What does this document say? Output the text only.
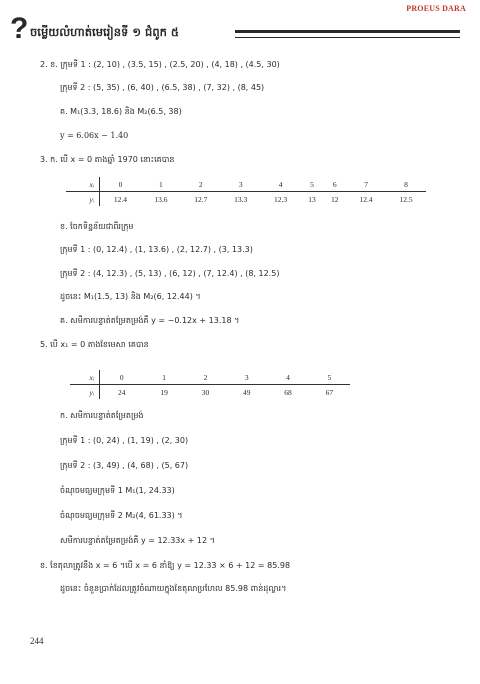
PROEUS DARA
? ចម្លើយលំហាត់មេរៀនទី ១ ជំពូក ៥
2. ខ. ក្រុមទី 1 : (2, 10) , (3.5, 15) , (2.5, 20) , (4, 18) , (4.5, 30)
ក្រុមទី 2 : (5, 35) , (6, 40) , (6.5, 38) , (7, 32) , (8, 45)
គ. M₁(3.3, 18.6) និង M₂(6.5, 38)
y = 6.06x − 1.40
3. ក. បើ x = 0 តាងឆ្នាំ 1970 នោះគេបាន
xᵢ	0	1	2	3	4	5	6	7	8
yᵢ	12.4	13.6	12.7	13.3	12.3	13	12	12.4	12.5
ខ. ចែកទិន្នន័យជាពីរក្រុម
ក្រុមទី 1 : (0, 12.4) , (1, 13.6) , (2, 12.7) , (3, 13.3)
ក្រុមទី 2 : (4, 12.3) , (5, 13) , (6, 12) , (7, 12.4) , (8, 12.5)
ដូចនេះ M₁(1.5, 13) និង M₂(6, 12.44) ។
គ. សមីការបន្ទាត់តម្រែតម្រង់គឺ y = −0.12x + 13.18 ។
5. បើ x₁ = 0 តាងខែមេសា គេបាន
xᵢ	0	1	2	3	4	5
yᵢ	24	19	30	49	68	67
ក. សមីការបន្ទាត់តម្រែតម្រង់
ក្រុមទី 1 : (0, 24) , (1, 19) , (2, 30)
ក្រុមទី 2 : (3, 49) , (4, 68) , (5, 67)
ចំណុចមធ្យមក្រុមទី 1 M₁(1, 24.33)
ចំណុចមធ្យមក្រុមទី 2 M₂(4, 61.33) ។
សមីការបន្ទាត់តម្រែតម្រង់គឺ y = 12.33x + 12 ។
ខ. ខែតុលាត្រូវនឹង x = 6 ។បើ x = 6 នាំឱ្យ y = 12.33 × 6 + 12 = 85.98
ដូចនេះ ចំនួនប្រាក់ដែលត្រូវចំណាយក្នុងខែតុលាប្រហែល 85.98 ពាន់ដុល្លារ។
244
